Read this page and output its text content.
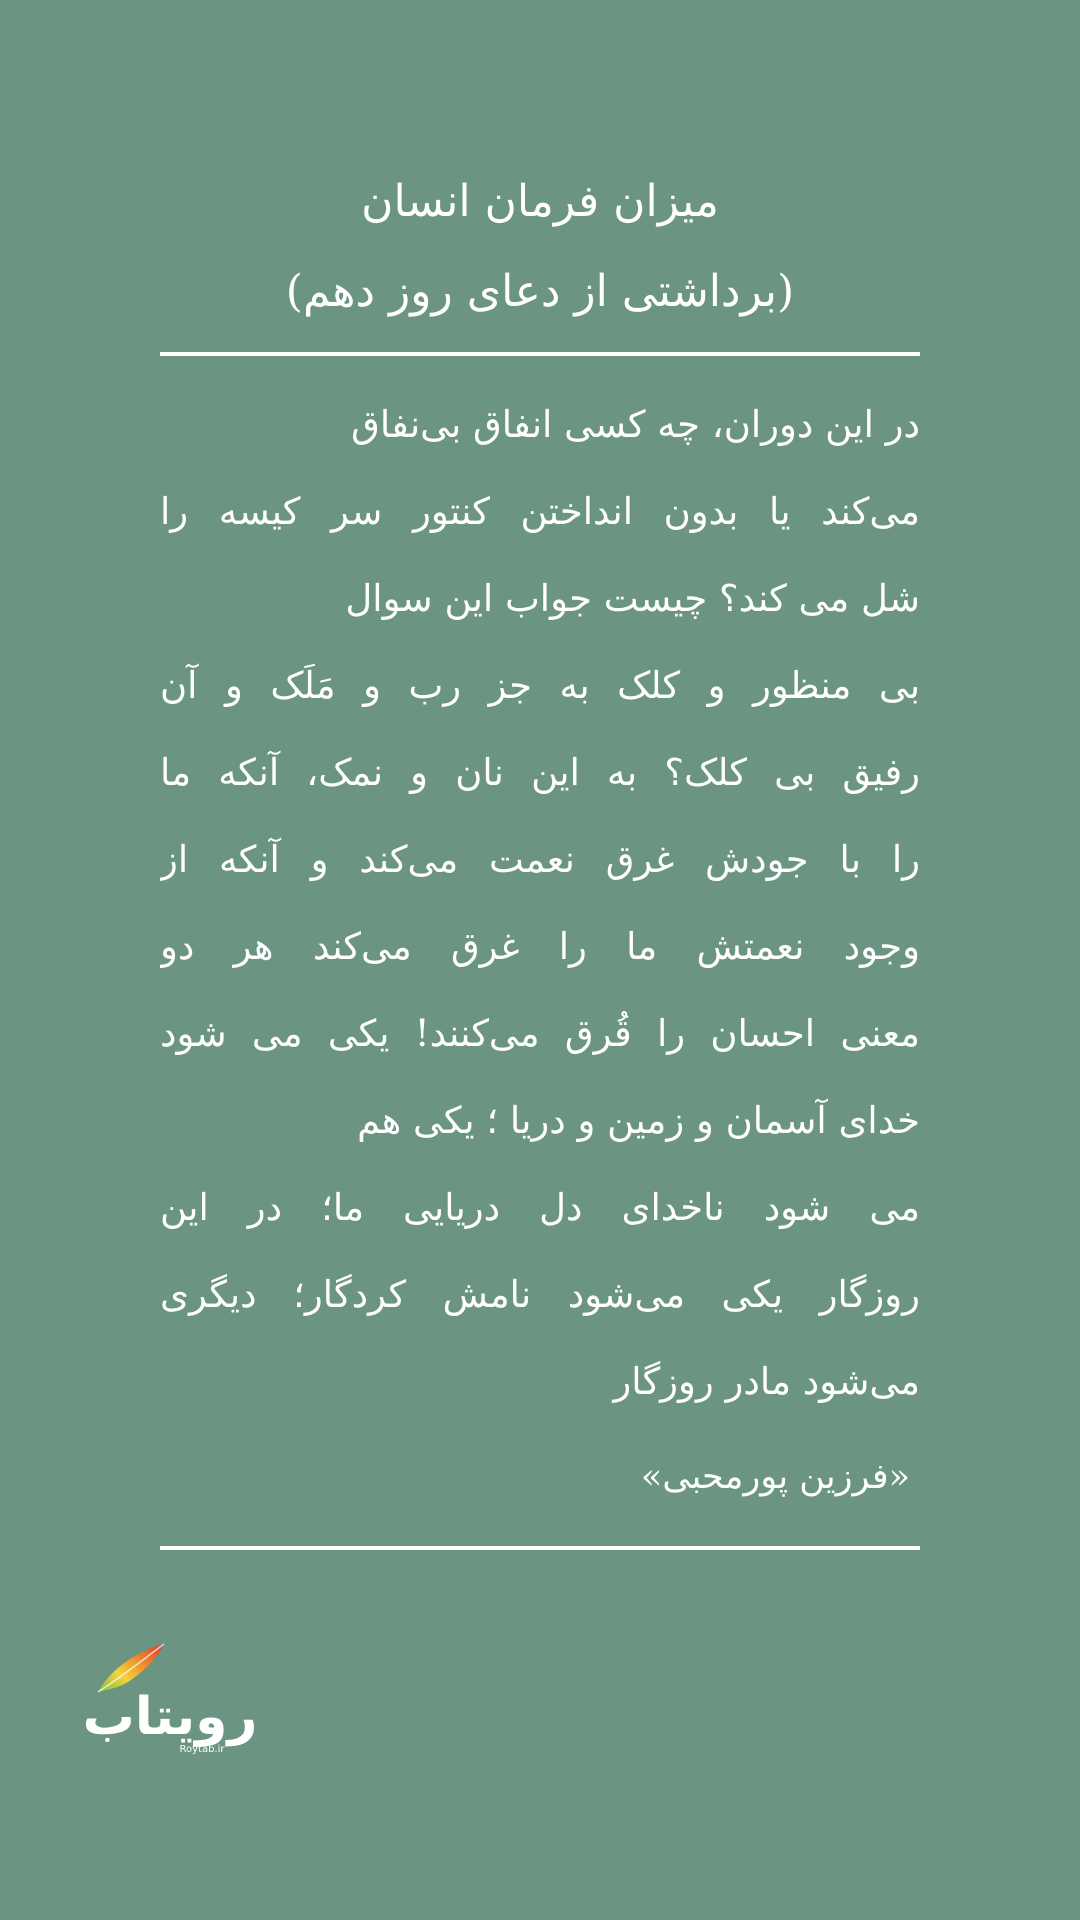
میزان فرمان انسان
(برداشتی از دعای روز دهم)
در این دوران، چه کسی انفاق بی‌نفاق
می‌کند یا بدون انداختن کنتور سر کیسه را
شل می کند؟ چیست جواب این سوال
بی منظور و کلک به جز رب و مَلَک و آن
رفیق بی کلک؟ به این نان و نمک، آنکه ما
را با جودش غرق نعمت می‌کند و آنکه از
وجود نعمتش ما را غرق می‌کند هر دو
معنی احسان را قُرق می‌کنند! یکی می شود
خدای آسمان و زمین و دریا ؛ یکی هم
می شود ناخدای دل دریایی ما؛ در این
روزگار یکی می‌شود نامش کردگار؛ دیگری
می‌شود مادر روزگار
«فرزین پورمحبی»
رویتاب
Roytab.ir
